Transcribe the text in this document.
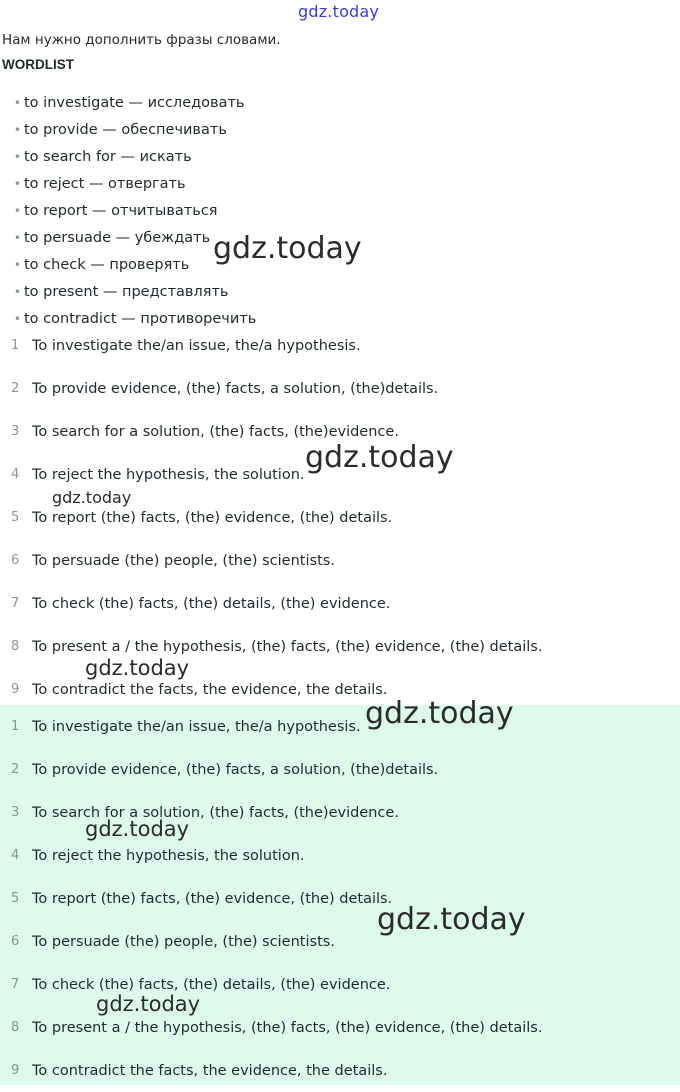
gdz.today
Нам нужно дополнить фразы словами.
WORDLIST
• to investigate — исследовать
• to provide — обеспечивать
• to search for — искать
• to reject — отвергать
• to report — отчитываться
• to persuade — убеждать
• to check — проверять
• to present — представлять
• to contradict — противоречить
1 To investigate the/an issue, the/a hypothesis.
2 To provide evidence, (the) facts, a solution, (the)details.
3 To search for a solution, (the) facts, (the)evidence.
4 To reject the hypothesis, the solution.
5 To report (the) facts, (the) evidence, (the) details.
6 To persuade (the) people, (the) scientists.
7 To check (the) facts, (the) details, (the) evidence.
8 To present a / the hypothesis, (the) facts, (the) evidence, (the) details.
9 To contradict the facts, the evidence, the details.
1 To investigate the/an issue, the/a hypothesis.
2 To provide evidence, (the) facts, a solution, (the)details.
3 To search for a solution, (the) facts, (the)evidence.
4 To reject the hypothesis, the solution.
5 To report (the) facts, (the) evidence, (the) details.
6 To persuade (the) people, (the) scientists.
7 To check (the) facts, (the) details, (the) evidence.
8 To present a / the hypothesis, (the) facts, (the) evidence, (the) details.
9 To contradict the facts, the evidence, the details.
gdz.today
gdz.today
gdz.today
gdz.today
gdz.today
gdz.today
gdz.today
gdz.today
